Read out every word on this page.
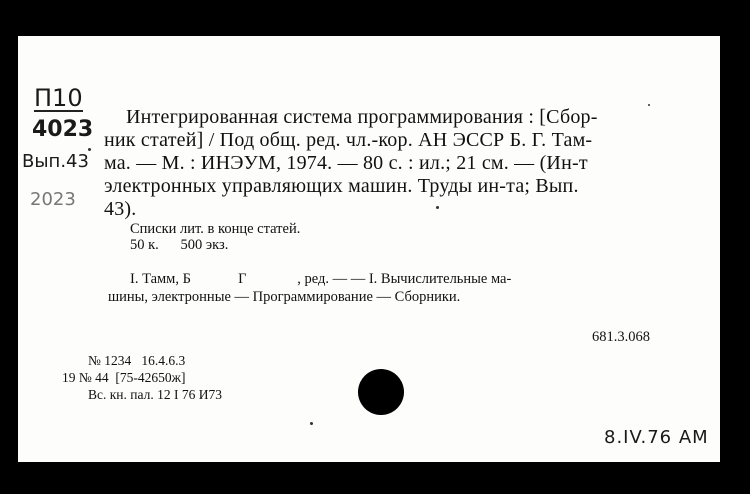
П10
4023
Вып.43
2023
8.IV.76 AM
Интегрированная система программирования : [Сбор-
ник статей] / Под общ. ред. чл.-кор. АН ЭССР Б. Г. Там-
ма. — М. : ИНЭУМ, 1974. — 80 с. : ил.; 21 см. — (Ин-т
электронных управляющих машин. Труды ин-та; Вып.
43).
Списки лит. в конце статей.
50 к.      500 экз.
I. Тамм, Б             Г              , ред. — — I. Вычислительные ма-
шины, электронные — Программирование — Сборники.
681.3.068
№ 1234   16.4.6.3
19 № 44  [75-42650ж]
Вс. кн. пал. 12 I 76 И73
